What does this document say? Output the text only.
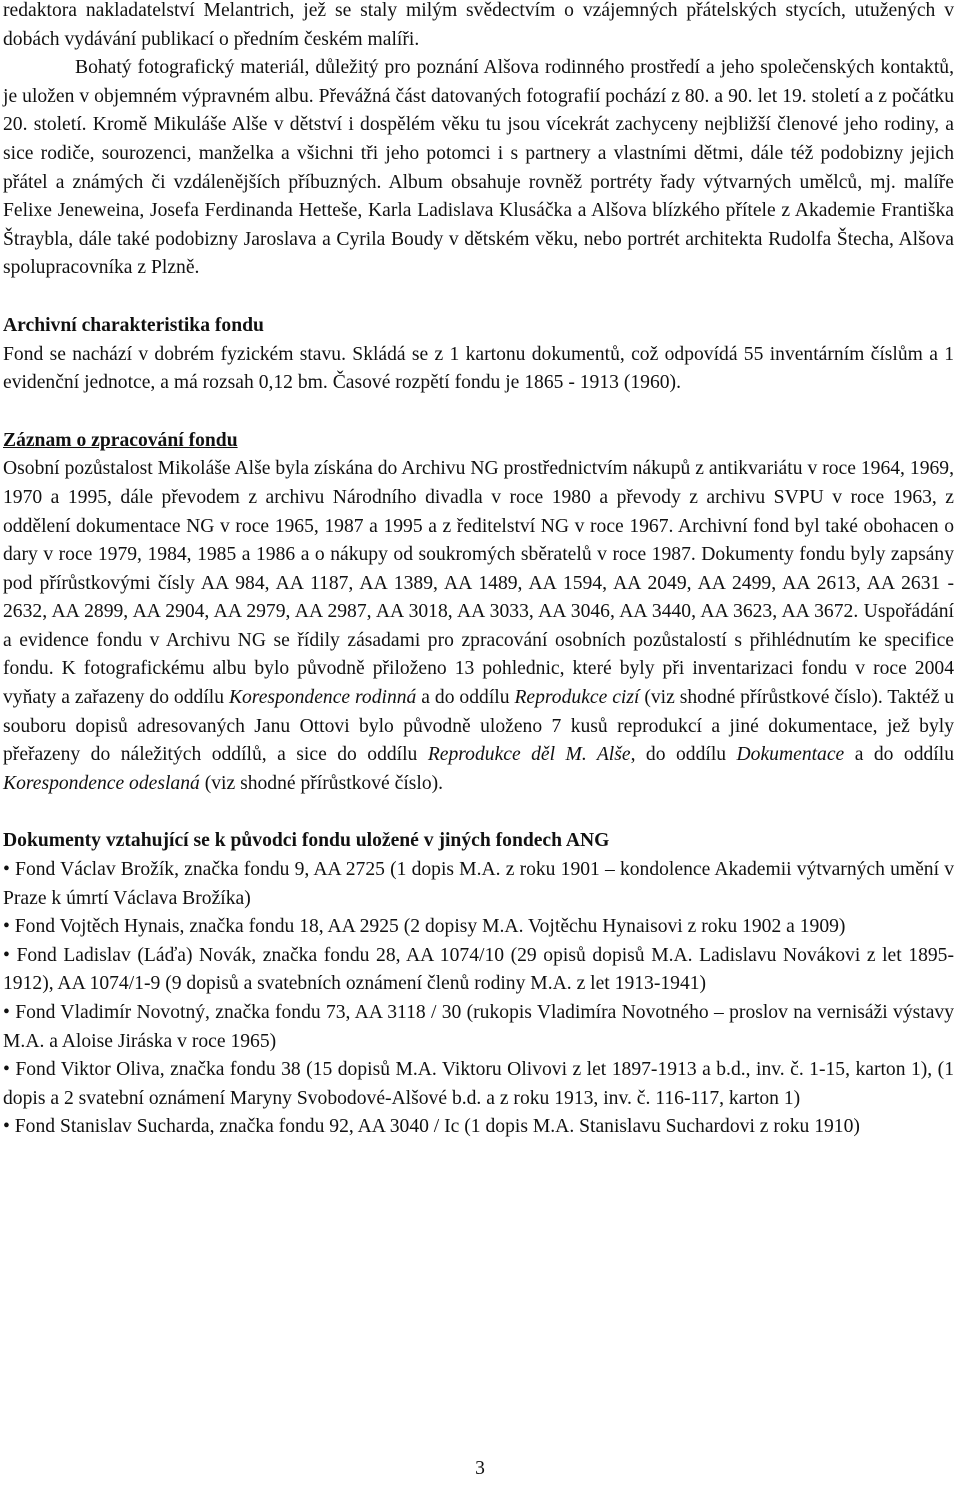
redaktora nakladatelství Melantrich, jež se staly milým svědectvím o vzájemných přátelských stycích, utužených v dobách vydávání publikací o předním českém malíři.

Bohatý fotografický materiál, důležitý pro poznání Alšova rodinného prostředí a jeho společenských kontaktů, je uložen v objemném výpravném albu. Převážná část datovaných fotografií pochází z 80. a 90. let 19. století a z počátku 20. století. Kromě Mikuláše Alše v dětství i dospělém věku tu jsou vícekrát zachyceny nejbližší členové jeho rodiny, a sice rodiče, sourozenci, manželka a všichni tři jeho potomci i s partnery a vlastními dětmi, dále též podobizny jejich přátel a známých či vzdálenějších příbuzných. Album obsahuje rovněž portréty řady výtvarných umělců, mj. malíře Felixe Jeneweina, Josefa Ferdinanda Hetteše, Karla Ladislava Klusáčka a Alšova blízkého přítele z Akademie Františka Štraybla, dále také podobizny Jaroslava a Cyrila Boudy v dětském věku, nebo portrét architekta Rudolfa Štecha, Alšova spolupracovníka z Plzně.

Archivní charakteristika fondu

Fond se nachází v dobrém fyzickém stavu. Skládá se z 1 kartonu dokumentů, což odpovídá 55 inventárním číslům a 1 evidenční jednotce, a má rozsah 0,12 bm. Časové rozpětí fondu je 1865 - 1913 (1960).

Záznam o zpracování fondu

Osobní pozůstalost Mikoláše Alše byla získána do Archivu NG prostřednictvím nákupů z antikvariátu v roce 1964, 1969, 1970 a 1995, dále převodem z archivu Národního divadla v roce 1980 a převody z archivu SVPU v roce 1963, z oddělení dokumentace NG v roce 1965, 1987 a 1995 a z ředitelství NG v roce 1967. Archivní fond byl také obohacen o dary v roce 1979, 1984, 1985 a 1986 a o nákupy od soukromých sběratelů v roce 1987. Dokumenty fondu byly zapsány pod přírůstkovými čísly AA 984, AA 1187, AA 1389, AA 1489, AA 1594, AA 2049, AA 2499, AA 2613, AA 2631 - 2632, AA 2899, AA 2904, AA 2979, AA 2987, AA 3018, AA 3033, AA 3046, AA 3440, AA 3623, AA 3672. Uspořádání a evidence fondu v Archivu NG se řídily zásadami pro zpracování osobních pozůstalostí s přihlédnutím ke specifice fondu. K fotografickému albu bylo původně přiloženo 13 pohlednic, které byly při inventarizaci fondu v roce 2004 vyňaty a zařazeny do oddílu Korespondence rodinná a do oddílu Reprodukce cizí (viz shodné přírůstkové číslo). Taktéž u souboru dopisů adresovaných Janu Ottovi bylo původně uloženo 7 kusů reprodukcí a jiné dokumentace, jež byly přeřazeny do náležitých oddílů, a sice do oddílu Reprodukce děl M. Alše, do oddílu Dokumentace a do oddílu Korespondence odeslaná (viz shodné přírůstkové číslo).

Dokumenty vztahující se k původci fondu uložené v jiných fondech ANG

• Fond Václav Brožík, značka fondu 9, AA 2725 (1 dopis M.A. z roku 1901 – kondolence Akademii výtvarných umění v Praze k úmrtí Václava Brožíka)

• Fond Vojtěch Hynais, značka fondu 18, AA 2925 (2 dopisy M.A. Vojtěchu Hynaisovi z roku 1902 a 1909)

• Fond Ladislav (Láďa) Novák, značka fondu 28, AA 1074/10 (29 opisů dopisů M.A. Ladislavu Novákovi z let 1895-1912), AA 1074/1-9 (9 dopisů a svatebních oznámení členů rodiny M.A. z let 1913-1941)

• Fond Vladimír Novotný, značka fondu 73, AA 3118 / 30 (rukopis Vladimíra Novotného – proslov na vernisáži výstavy M.A. a Aloise Jiráska v roce 1965)

• Fond Viktor Oliva, značka fondu 38 (15 dopisů M.A. Viktoru Olivovi z let 1897-1913 a b.d., inv. č. 1-15, karton 1), (1 dopis a 2 svatební oznámení Maryny Svobodové-Alšové b.d. a z roku 1913, inv. č. 116-117, karton 1)

• Fond Stanislav Sucharda, značka fondu 92, AA 3040 / Ic (1 dopis M.A. Stanislavu Suchardovi z roku 1910)

3
